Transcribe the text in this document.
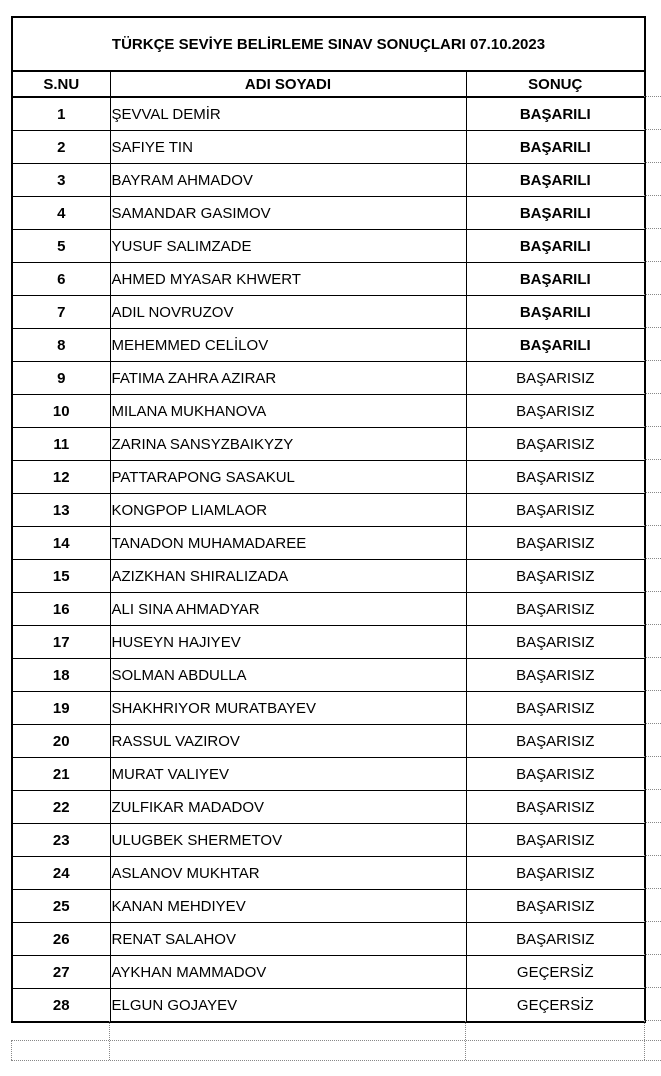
TÜRKÇE SEVİYE BELİRLEME SINAV SONUÇLARI 07.10.2023
S.NU	ADI SOYADI	SONUÇ
1	ŞEVVAL DEMİR	BAŞARILI
2	SAFIYE TIN	BAŞARILI
3	BAYRAM AHMADOV	BAŞARILI
4	SAMANDAR GASIMOV	BAŞARILI
5	YUSUF SALIMZADE	BAŞARILI
6	AHMED MYASAR KHWERT	BAŞARILI
7	ADIL NOVRUZOV	BAŞARILI
8	MEHEMMED CELİLOV	BAŞARILI
9	FATIMA ZAHRA AZIRAR	BAŞARISIZ
10	MILANA MUKHANOVA	BAŞARISIZ
11	ZARINA SANSYZBAIKYZY	BAŞARISIZ
12	PATTARAPONG SASAKUL	BAŞARISIZ
13	KONGPOP LIAMLAOR	BAŞARISIZ
14	TANADON MUHAMADAREE	BAŞARISIZ
15	AZIZKHAN SHIRALIZADA	BAŞARISIZ
16	ALI SINA AHMADYAR	BAŞARISIZ
17	HUSEYN HAJIYEV	BAŞARISIZ
18	SOLMAN ABDULLA	BAŞARISIZ
19	SHAKHRIYOR MURATBAYEV	BAŞARISIZ
20	RASSUL VAZIROV	BAŞARISIZ
21	MURAT VALIYEV	BAŞARISIZ
22	ZULFIKAR MADADOV	BAŞARISIZ
23	ULUGBEK SHERMETOV	BAŞARISIZ
24	ASLANOV MUKHTAR	BAŞARISIZ
25	KANAN MEHDIYEV	BAŞARISIZ
26	RENAT SALAHOV	BAŞARISIZ
27	AYKHAN MAMMADOV	GEÇERSİZ
28	ELGUN GOJAYEV	GEÇERSİZ
